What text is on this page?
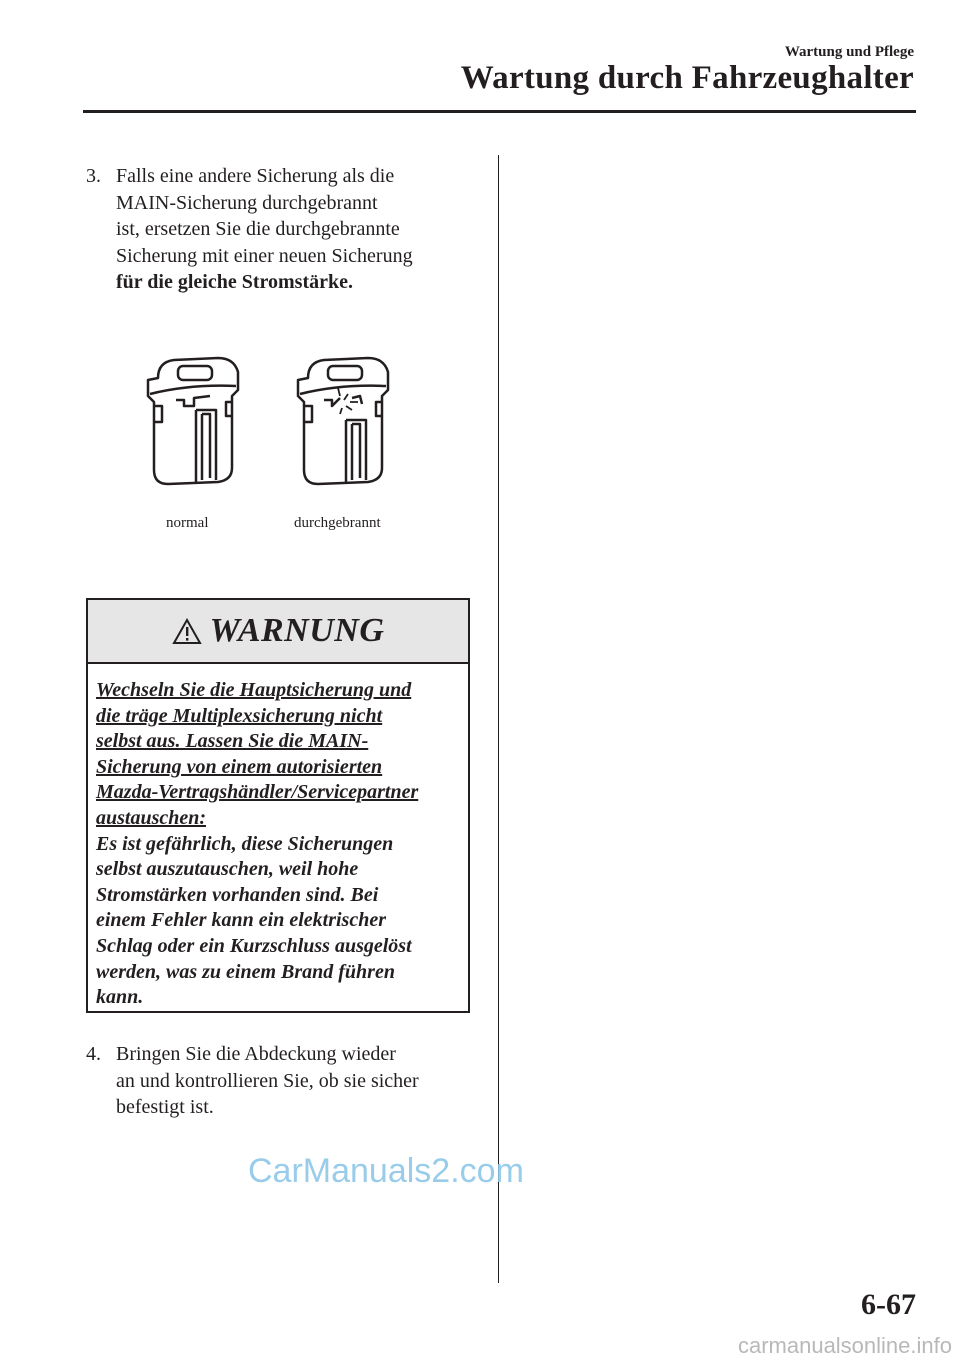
Wartung und Pflege
Wartung durch Fahrzeughalter
3. Falls eine andere Sicherung als die
MAIN-Sicherung durchgebrannt
ist, ersetzen Sie die durchgebrannte
Sicherung mit einer neuen Sicherung
für die gleiche Stromstärke.
normal	durchgebrannt
WARNUNG
Wechseln Sie die Hauptsicherung und
die träge Multiplexsicherung nicht
selbst aus. Lassen Sie die MAIN-
Sicherung von einem autorisierten
Mazda-Vertragshändler/Servicepartner
austauschen:
Es ist gefährlich, diese Sicherungen
selbst auszutauschen, weil hohe
Stromstärken vorhanden sind. Bei
einem Fehler kann ein elektrischer
Schlag oder ein Kurzschluss ausgelöst
werden, was zu einem Brand führen
kann.
4. Bringen Sie die Abdeckung wieder
an und kontrollieren Sie, ob sie sicher
befestigt ist.
CarManuals2.com
6-67
carmanualsonline.info
